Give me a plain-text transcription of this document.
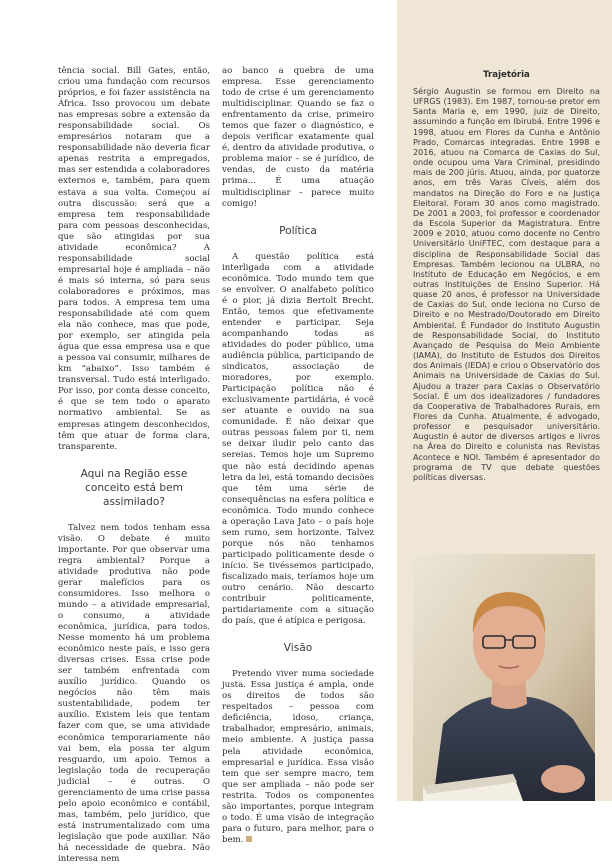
tência social. Bill Gates, então, criou uma fundação com recursos próprios, e foi fazer assistência na África. Isso provocou um debate nas empresas sobre a extensão da responsabilidade social. Os empresários notaram que a responsabilidade não deveria ficar apenas restrita a empregados, mas ser estendida a colaboradores externos e, também, para quem estava a sua volta. Começou aí outra discussão: será que a empresa tem responsabilidade para com pessoas desconhecidas, que são atingidas por sua atividade econômica? A responsabilidade social empresarial hoje é ampliada – não é mais só interna, só para seus colaboradores e próximos, mas para todos. A empresa tem uma responsabilidade até com quem ela não conhece, mas que pode, por exemplo, ser atingida pela água que essa empresa usa e que a pessoa vai consumir, milhares de km “abaixo”. Isso também é transversal. Tudo está interligado. Por isso, por conta desse conceito, é que se tem todo o aparato normativo ambiental. Se as empresas atingem desconhecidos, têm que atuar de forma clara, transparente.

Aqui na Região esse conceito está bem assimilado?

Talvez nem todos tenham essa visão. O debate é muito importante. Por que observar uma regra ambiental? Porque a atividade produtiva não pode gerar malefícios para os consumidores. Isso melhora o mundo – a atividade empresarial, o consumo, a atividade econômica, jurídica, para todos. Nesse momento há um problema econômico neste país, e isso gera diversas crises. Essa crise pode ser também enfrentada com auxílio jurídico. Quando os negócios não têm mais sustentabilidade, podem ter auxílio. Existem leis que tentam fazer com que, se uma atividade econômica temporariamente não vai bem, ela possa ter algum resguardo, um apoio. Temos a legislação toda de recuperação judicial – e outras. O gerenciamento de uma crise passa pelo apoio econômico e contábil, mas, também, pelo jurídico, que está instrumentalizado com uma legislação que pode auxiliar. Não há necessidade de quebra. Não interessa nem

ao banco a quebra de uma empresa. Esse gerenciamento todo de crise é um gerenciamento multidisciplinar. Quando se faz o enfrentamento da crise, primeiro temos que fazer o diagnóstico, e depois verificar exatamente qual é, dentro da atividade produtiva, o problema maior – se é jurídico, de vendas, de custo da matéria prima... É uma atuação multidisciplinar – parece muito comigo!

Política

A questão política está interligada com a atividade econômica. Todo mundo tem que se envolver. O analfabeto político é o pior, já dizia Bertolt Brecht. Então, temos que efetivamente entender e participar. Seja acompanhando todas as atividades do poder público, uma audiência pública, participando de sindicatos, associação de moradores, por exemplo. Participação política não é exclusivamente partidária, é você ser atuante e ouvido na sua comunidade. É não deixar que outras pessoas falem por ti, nem se deixar iludir pelo canto das sereias. Temos hoje um Supremo que não está decidindo apenas letra da lei, está tomando decisões que têm uma série de consequências na esfera política e econômica. Todo mundo conhece a operação Lava Jato – o país hoje sem rumo, sem horizonte. Talvez porque nós não tenhamos participado politicamente desde o início. Se tivéssemos participado, fiscalizado mais, teríamos hoje um outro cenário. Não descarto contribuir politicamente, partidariamente com a situação do país, que é atípica e perigosa.

Visão

Pretendo viver numa sociedade justa. Essa justiça é ampla, onde os direitos de todos são respeitados – pessoa com deficiência, idoso, criança, trabalhador, empresário, animais, meio ambiente. A justiça passa pela atividade econômica, empresarial e jurídica. Essa visão tem que ser sempre macro, tem que ser ampliada – não pode ser restrita. Todos os componentes são importantes, porque integram o todo. É uma visão de integração para o futuro, para melhor, para o bem.

Trajetória

Sérgio Augustin se formou em Direito na UFRGS (1983). Em 1987, tornou-se pretor em Santa Maria e, em 1990, juiz de Direito, assumindo a função em Ibirubá. Entre 1996 e 1998, atuou em Flores da Cunha e Antônio Prado, Comarcas integradas. Entre 1998 e 2016, atuou na Comarca de Caxias do Sul, onde ocupou uma Vara Criminal, presidindo mais de 200 júris. Atuou, ainda, por quatorze anos, em três Varas Cíveis, além dos mandatos na Direção do Foro e na Justiça Eleitoral. Foram 30 anos como magistrado. De 2001 a 2003, foi professor e coordenador da Escola Superior da Magistratura. Entre 2009 e 2010, atuou como docente no Centro Universitário UniFTEC, com destaque para a disciplina de Responsabilidade Social das Empresas. Também lecionou na ULBRA, no Instituto de Educação em Negócios, e em outras Instituições de Ensino Superior. Há quase 20 anos, é professor na Universidade de Caxias do Sul, onde leciona no Curso de Direito e no Mestrado/Doutorado em Direito Ambiental. É Fundador do Instituto Augustin de Responsabilidade Social, do Instituto Avançado de Pesquisa do Meio Ambiente (IAMA), do Instituto de Estudos dos Direitos dos Animais (IEDA) e criou o Observatório dos Animais na Universidade de Caxias do Sul. Ajudou a trazer para Caxias o Observatório Social. É um dos idealizadores / fundadores da Cooperativa de Trabalhadores Rurais, em Flores da Cunha. Atualmente, é advogado, professor e pesquisador universitário. Augustin é autor de diversos artigos e livros na Área do Direito e colunista nas Revistas Acontece e NOI. Também é apresentador do programa de TV que debate questões políticas diversas.
